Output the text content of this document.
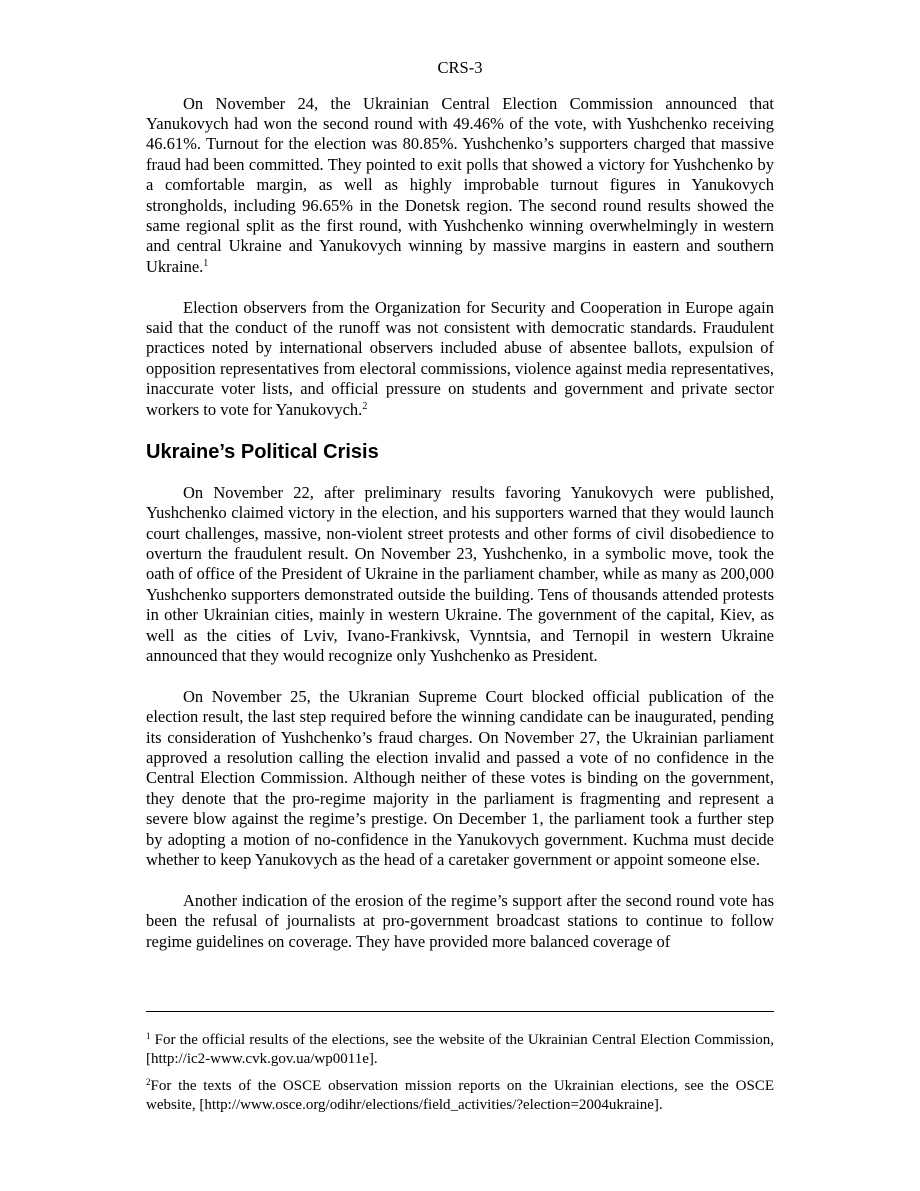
CRS-3

On November 24, the Ukrainian Central Election Commission announced that Yanukovych had won the second round with 49.46% of the vote, with Yushchenko receiving 46.61%. Turnout for the election was 80.85%. Yushchenko’s supporters charged that massive fraud had been committed. They pointed to exit polls that showed a victory for Yushchenko by a comfortable margin, as well as highly improbable turnout figures in Yanukovych strongholds, including 96.65% in the Donetsk region. The second round results showed the same regional split as the first round, with Yushchenko winning overwhelmingly in western and central Ukraine and Yanukovych winning by massive margins in eastern and southern Ukraine.$^1$

Election observers from the Organization for Security and Cooperation in Europe again said that the conduct of the runoff was not consistent with democratic standards. Fraudulent practices noted by international observers included abuse of absentee ballots, expulsion of opposition representatives from electoral commissions, violence against media representatives, inaccurate voter lists, and official pressure on students and government and private sector workers to vote for Yanukovych.$^2$

Ukraine’s Political Crisis

On November 22, after preliminary results favoring Yanukovych were published, Yushchenko claimed victory in the election, and his supporters warned that they would launch court challenges, massive, non-violent street protests and other forms of civil disobedience to overturn the fraudulent result. On November 23, Yushchenko, in a symbolic move, took the oath of office of the President of Ukraine in the parliament chamber, while as many as 200,000 Yushchenko supporters demonstrated outside the building. Tens of thousands attended protests in other Ukrainian cities, mainly in western Ukraine. The government of the capital, Kiev, as well as the cities of Lviv, Ivano-Frankivsk, Vynntsia, and Ternopil in western Ukraine announced that they would recognize only Yushchenko as President.

On November 25, the Ukranian Supreme Court blocked official publication of the election result, the last step required before the winning candidate can be inaugurated, pending its consideration of Yushchenko’s fraud charges. On November 27, the Ukrainian parliament approved a resolution calling the election invalid and passed a vote of no confidence in the Central Election Commission. Although neither of these votes is binding on the government, they denote that the pro-regime majority in the parliament is fragmenting and represent a severe blow against the regime’s prestige. On December 1, the parliament took a further step by adopting a motion of no-confidence in the Yanukovych government. Kuchma must decide whether to keep Yanukovych as the head of a caretaker government or appoint someone else.

Another indication of the erosion of the regime’s support after the second round vote has been the refusal of journalists at pro-government broadcast stations to continue to follow regime guidelines on coverage. They have provided more balanced coverage of

$^1$ For the official results of the elections, see the website of the Ukrainian Central Election Commission, [http://ic2-www.cvk.gov.ua/wp0011e].

$^2$For the texts of the OSCE observation mission reports on the Ukrainian elections, see the OSCE website, [http://www.osce.org/odihr/elections/field_activities/?election=2004ukraine].
